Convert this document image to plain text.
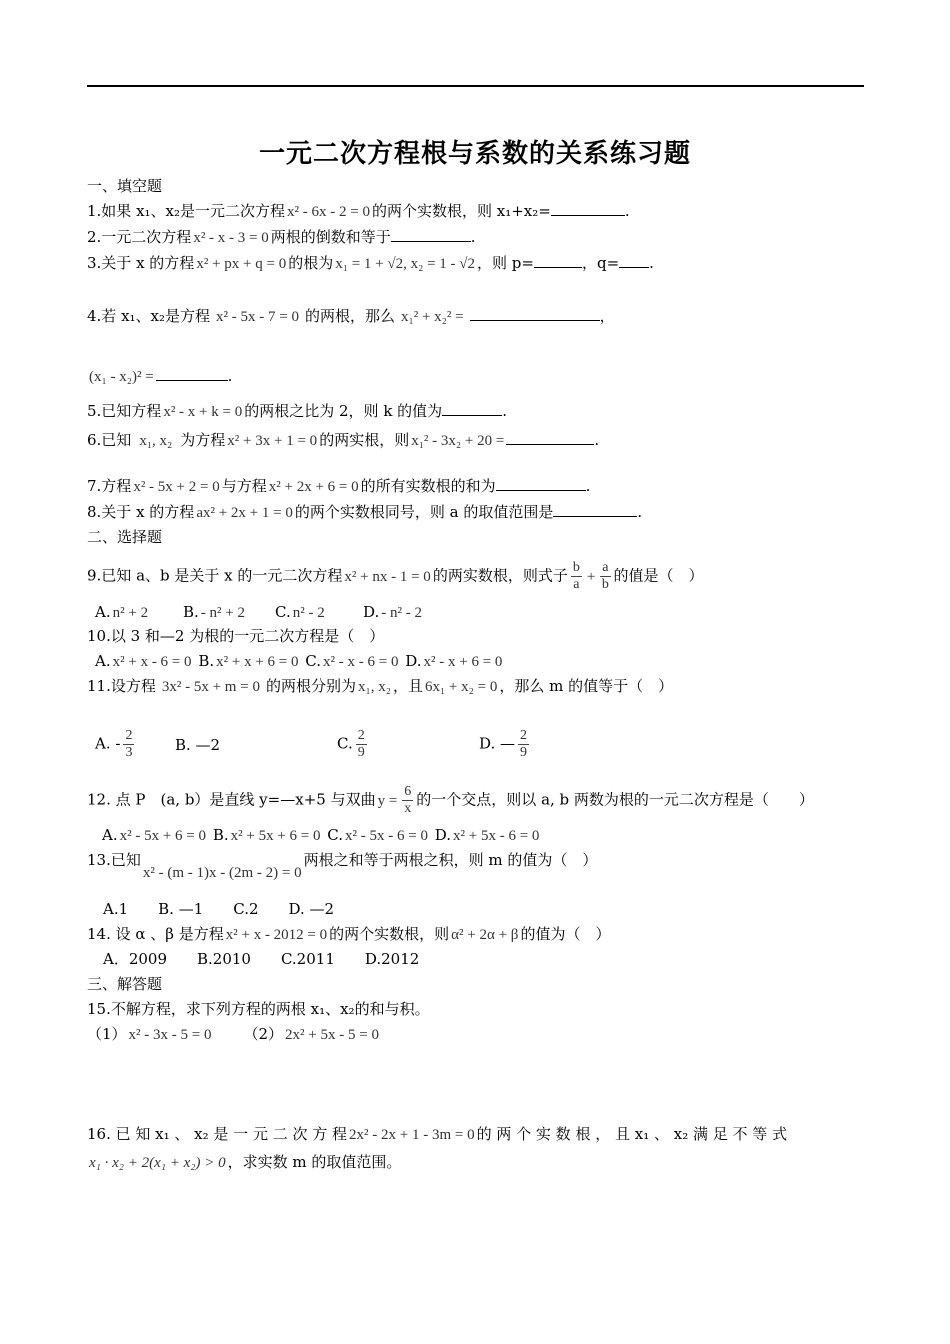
一元二次方程根与系数的关系练习题
一、填空题
1.如果 x₁、x₂是一元二次方程 x² - 6x - 2 = 0 的两个实数根，则 x₁+x₂=	.
2.一元二次方程 x² - x - 3 = 0 两根的倒数和等于	.
3.关于 x 的方程 x² + px + q = 0 的根为 x₁ = 1 + √2, x₂ = 1 - √2 ，则 p=	，q= .
4.若 x₁、x₂是方程 x² - 5x - 7 = 0 的两根，那么 x₁² + x₂² =	，
(x₁ - x₂)² =	.
5.已知方程 x² - x + k = 0 的两根之比为 2，则 k 的值为	.
6.已知 x₁, x₂ 为方程 x² + 3x + 1 = 0 的两实根，则 x₁² - 3x₂ + 20 =	.
7.方程 x² - 5x + 2 = 0 与方程 x² + 2x + 6 = 0 的所有实数根的和为	.
8.关于 x 的方程 ax² + 2x + 1 = 0 的两个实数根同号，则 a 的取值范围是	.
二、选择题
9.已知 a、b 是关于 x 的一元二次方程 x² + nx - 1 = 0 的两实数根，则式子 $\frac{b}{a} + \frac{a}{b}$ 的值是（　）
A. n² + 2 B. - n² + 2 C. n² - 2	D. - n² - 2
10.以 3 和—2 为根的一元二次方程是（　）
A. x² + x - 6 = 0 B. x² + x + 6 = 0 C. x² - x - 6 = 0 D. x² - x + 6 = 0
11.设方程 3x² - 5x + m = 0 的两根分别为 x₁, x₂ ，且 6x₁ + x₂ = 0 ，那么 m 的值等于（　）
A. - $\frac{2}{3}$	B. —2	C. $\frac{2}{9}$	D. — $\frac{2}{9}$
12. 点 P　(a, b）是直线 y=—x+5 与双曲 $y = \frac{6}{x}$ 的一个交点，则以 a, b 两数为根的一元二次方程是（　　）
A. x² - 5x + 6 = 0 B. x² + 5x + 6 = 0 C. x² - 5x - 6 = 0 D. x² + 5x - 6 = 0
13.已知x² - (m - 1)x - (2m - 2) = 0两根之和等于两根之积，则 m 的值为（　）
A.1　　B. —1　　C.2　　D. —2
14. 设 α 、β 是方程 x² + x - 2012 = 0 的两个实数根，则 α² + 2α + β 的值为（　）
A．2009　　B.2010　　C.2011　　D.2012
三、解答题
15.不解方程，求下列方程的两根 x₁、x₂的和与积。
（1） x² - 3x - 5 = 0 （2） 2x² + 5x - 5 = 0
16. 已 知 x₁ 、 x₂ 是 一 元 二 次 方 程 2x² - 2x + 1 - 3m = 0 的 两 个 实 数 根 ， 且 x₁ 、 x₂ 满 足 不 等 式
x₁ · x₂ + 2(x₁ + x₂) > 0 ，求实数 m 的取值范围。
